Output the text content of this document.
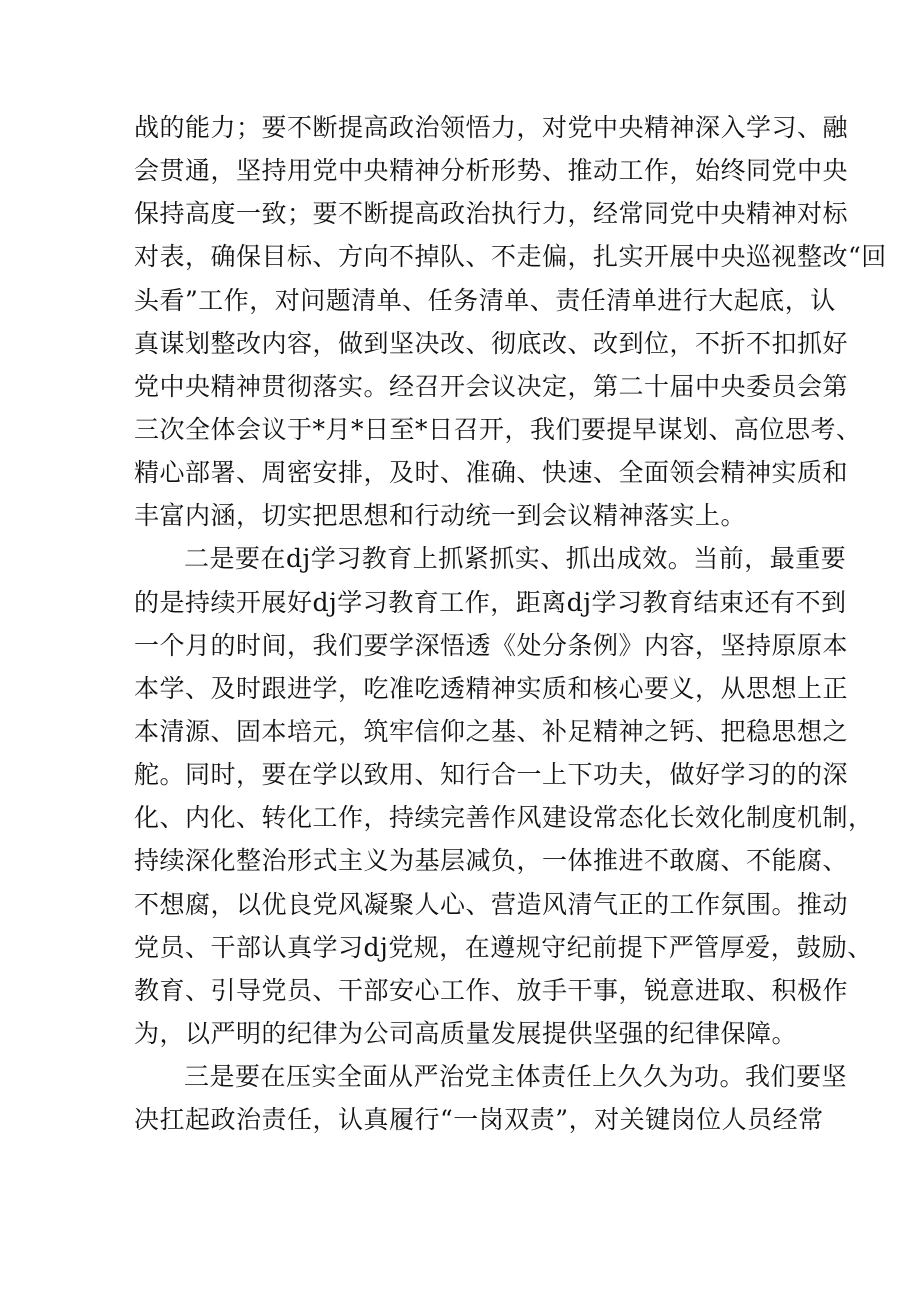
战的能力；要不断提高政治领悟力，对党中央精神深入学习、融
会贯通，坚持用党中央精神分析形势、推动工作，始终同党中央
保持高度一致；要不断提高政治执行力，经常同党中央精神对标
对表，确保目标、方向不掉队、不走偏，扎实开展中央巡视整改“回
头看”工作，对问题清单、任务清单、责任清单进行大起底，认
真谋划整改内容，做到坚决改、彻底改、改到位，不折不扣抓好
党中央精神贯彻落实。经召开会议决定，第二十届中央委员会第
三次全体会议于*月*日至*日召开，我们要提早谋划、高位思考、
精心部署、周密安排，及时、准确、快速、全面领会精神实质和
丰富内涵，切实把思想和行动统一到会议精神落实上。
二是要在dj学习教育上抓紧抓实、抓出成效。当前，最重要
的是持续开展好dj学习教育工作，距离dj学习教育结束还有不到
一个月的时间，我们要学深悟透《处分条例》内容，坚持原原本
本学、及时跟进学，吃准吃透精神实质和核心要义，从思想上正
本清源、固本培元，筑牢信仰之基、补足精神之钙、把稳思想之
舵。同时，要在学以致用、知行合一上下功夫，做好学习的的深
化、内化、转化工作，持续完善作风建设常态化长效化制度机制，
持续深化整治形式主义为基层减负，一体推进不敢腐、不能腐、
不想腐，以优良党风凝聚人心、营造风清气正的工作氛围。推动
党员、干部认真学习dj党规，在遵规守纪前提下严管厚爱，鼓励、
教育、引导党员、干部安心工作、放手干事，锐意进取、积极作
为，以严明的纪律为公司高质量发展提供坚强的纪律保障。
三是要在压实全面从严治党主体责任上久久为功。我们要坚
决扛起政治责任，认真履行“一岗双责”，对关键岗位人员经常
